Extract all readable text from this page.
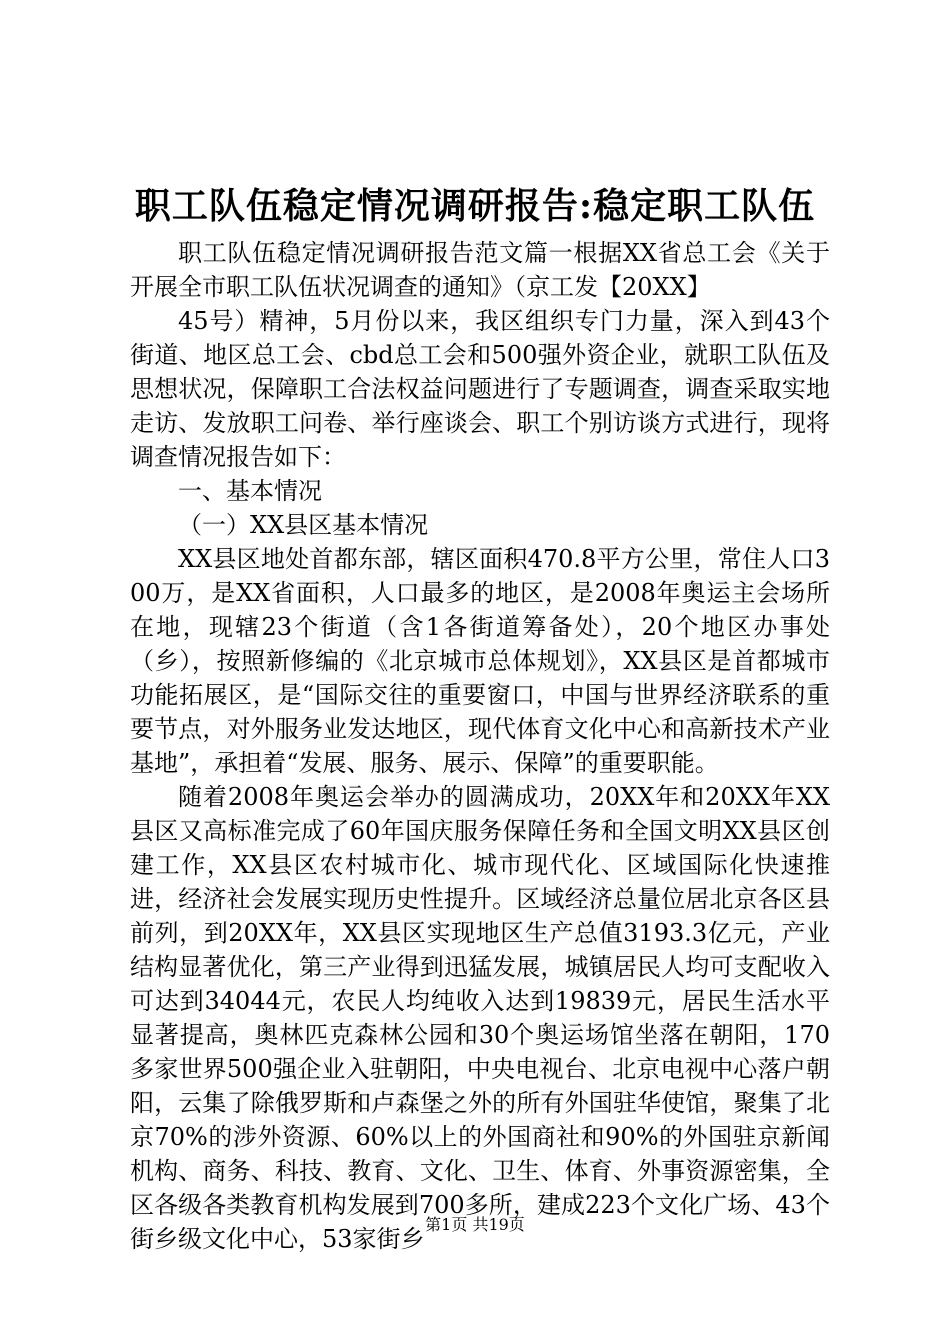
职工队伍稳定情况调研报告:稳定职工队伍

职工队伍稳定情况调研报告范文篇一根据XX省总工会《关于开展全市职工队伍状况调查的通知》（京工发【20XX】

45号）精神，5月份以来，我区组织专门力量，深入到43个街道、地区总工会、cbd总工会和500强外资企业，就职工队伍及思想状况，保障职工合法权益问题进行了专题调查，调查采取实地走访、发放职工问卷、举行座谈会、职工个别访谈方式进行，现将调查情况报告如下：

一、基本情况

（一）XX县区基本情况

XX县区地处首都东部，辖区面积470.8平方公里，常住人口300万，是XX省面积，人口最多的地区，是2008年奥运主会场所在地，现辖23个街道（含1各街道筹备处），20个地区办事处（乡），按照新修编的《北京城市总体规划》，XX县区是首都城市功能拓展区，是“国际交往的重要窗口，中国与世界经济联系的重要节点，对外服务业发达地区，现代体育文化中心和高新技术产业基地”，承担着“发展、服务、展示、保障”的重要职能。

随着2008年奥运会举办的圆满成功，20XX年和20XX年XX县区又高标准完成了60年国庆服务保障任务和全国文明XX县区创建工作，XX县区农村城市化、城市现代化、区域国际化快速推进，经济社会发展实现历史性提升。区域经济总量位居北京各区县前列，到20XX年，XX县区实现地区生产总值3193.3亿元，产业结构显著优化，第三产业得到迅猛发展，城镇居民人均可支配收入可达到34044元，农民人均纯收入达到19839元，居民生活水平显著提高，奥林匹克森林公园和30个奥运场馆坐落在朝阳，170多家世界500强企业入驻朝阳，中央电视台、北京电视中心落户朝阳，云集了除俄罗斯和卢森堡之外的所有外国驻华使馆，聚集了北京70%的涉外资源、60%以上的外国商社和90%的外国驻京新闻机构、商务、科技、教育、文化、卫生、体育、外事资源密集，全区各级各类教育机构发展到700多所，建成223个文化广场、43个街乡级文化中心，53家街乡

第1页 共19页
